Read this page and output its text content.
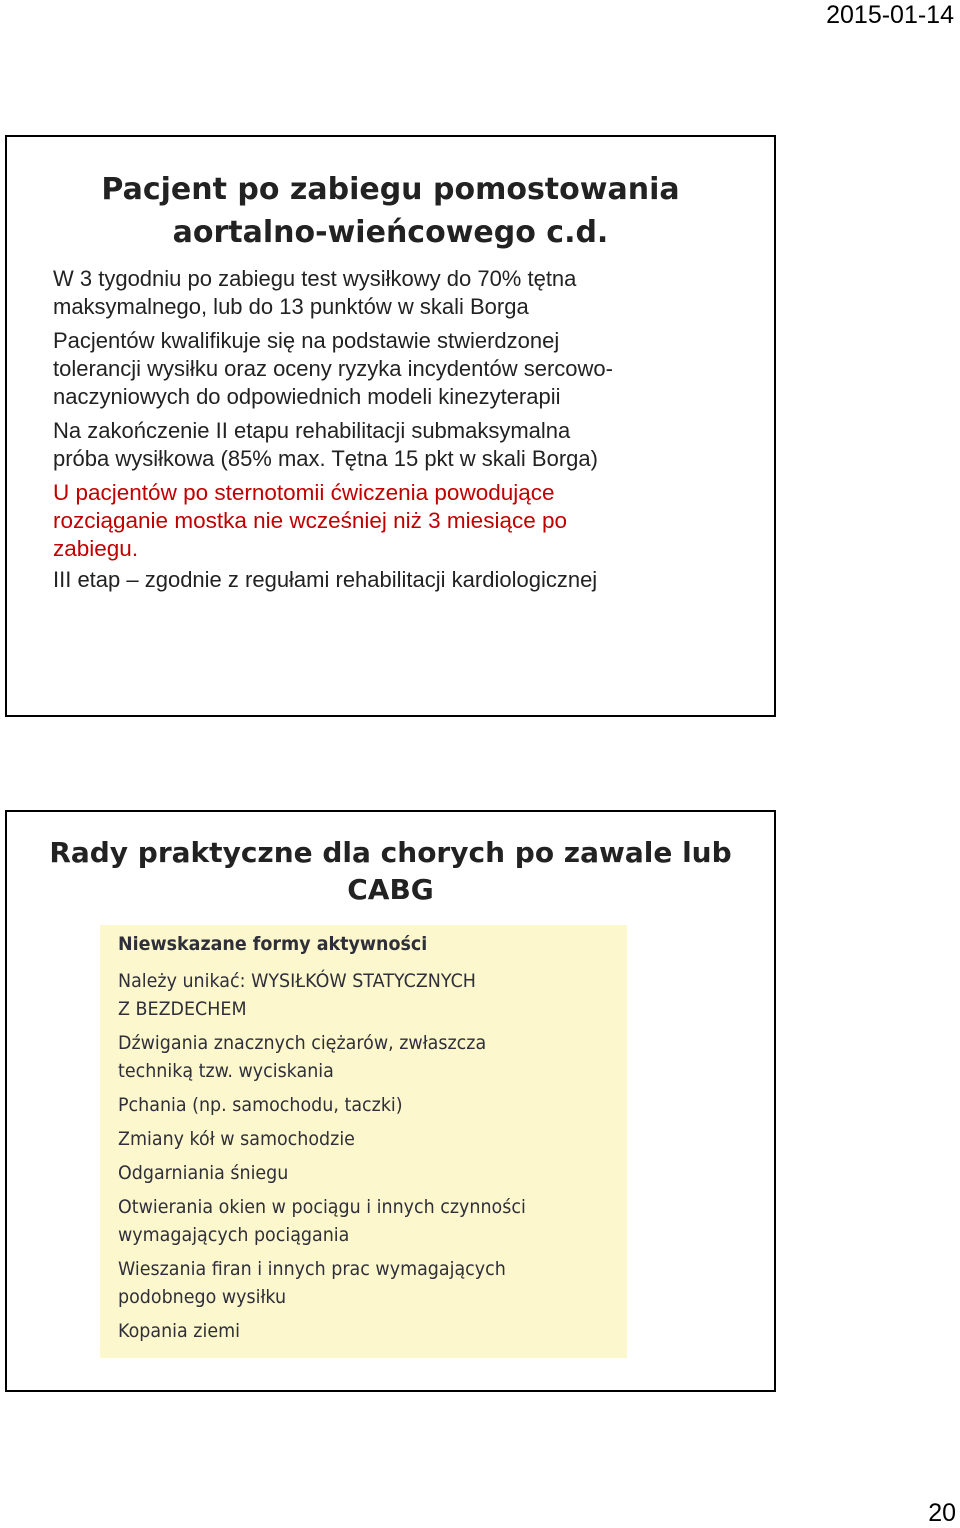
2015-01-14
Pacjent po zabiegu pomostowania
aortalno-wieńcowego c.d.
W 3 tygodniu po zabiegu test wysiłkowy do 70% tętna
maksymalnego, lub do 13 punktów w skali Borga
Pacjentów kwalifikuje się na podstawie stwierdzonej
tolerancji wysiłku oraz oceny ryzyka incydentów sercowo-
naczyniowych do odpowiednich modeli kinezyterapii
Na zakończenie II etapu rehabilitacji submaksymalna
próba wysiłkowa (85% max. Tętna 15 pkt w skali Borga)
U pacjentów po sternotomii ćwiczenia powodujące
rozciąganie mostka nie wcześniej niż 3 miesiące po
zabiegu.
III etap – zgodnie z regułami rehabilitacji kardiologicznej
Rady praktyczne dla chorych po zawale lub
CABG
Niewskazane formy aktywności
Należy unikać: WYSIŁKÓW STATYCZNYCH
Z BEZDECHEM
Dźwigania znacznych ciężarów, zwłaszcza
techniką tzw. wyciskania
Pchania (np. samochodu, taczki)
Zmiany kół w samochodzie
Odgarniania śniegu
Otwierania okien w pociągu i innych czynności
wymagających pociągania
Wieszania firan i innych prac wymagających
podobnego wysiłku
Kopania ziemi
20
